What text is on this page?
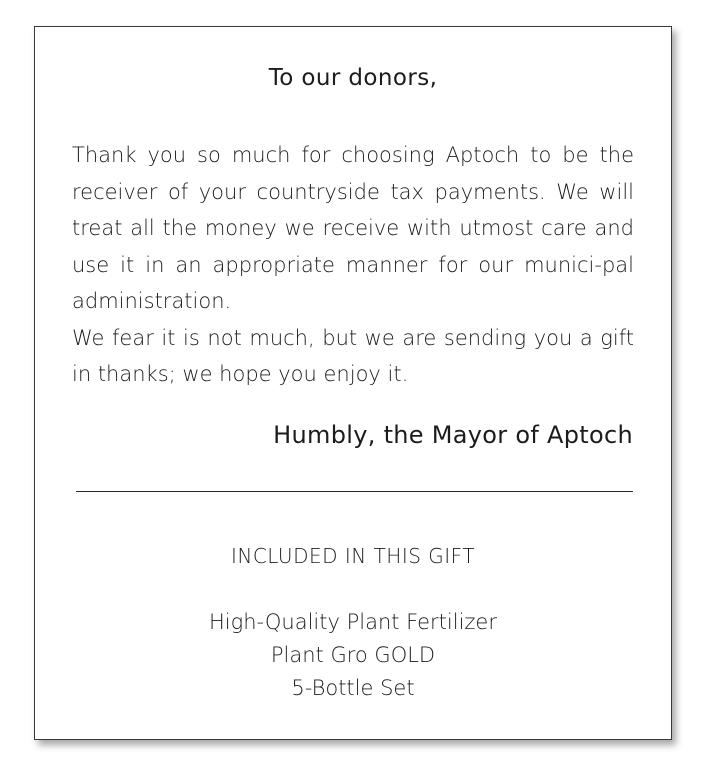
To our donors,

Thank you so much for choosing Aptoch to be the receiver of your countryside tax payments. We will treat all the money we receive with utmost care and use it in an appropriate manner for our munici-pal administration.

We fear it is not much, but we are sending you a gift in thanks; we hope you enjoy it.

Humbly, the Mayor of Aptoch

INCLUDED IN THIS GIFT
High-Quality Plant Fertilizer
Plant Gro GOLD
5-Bottle Set
